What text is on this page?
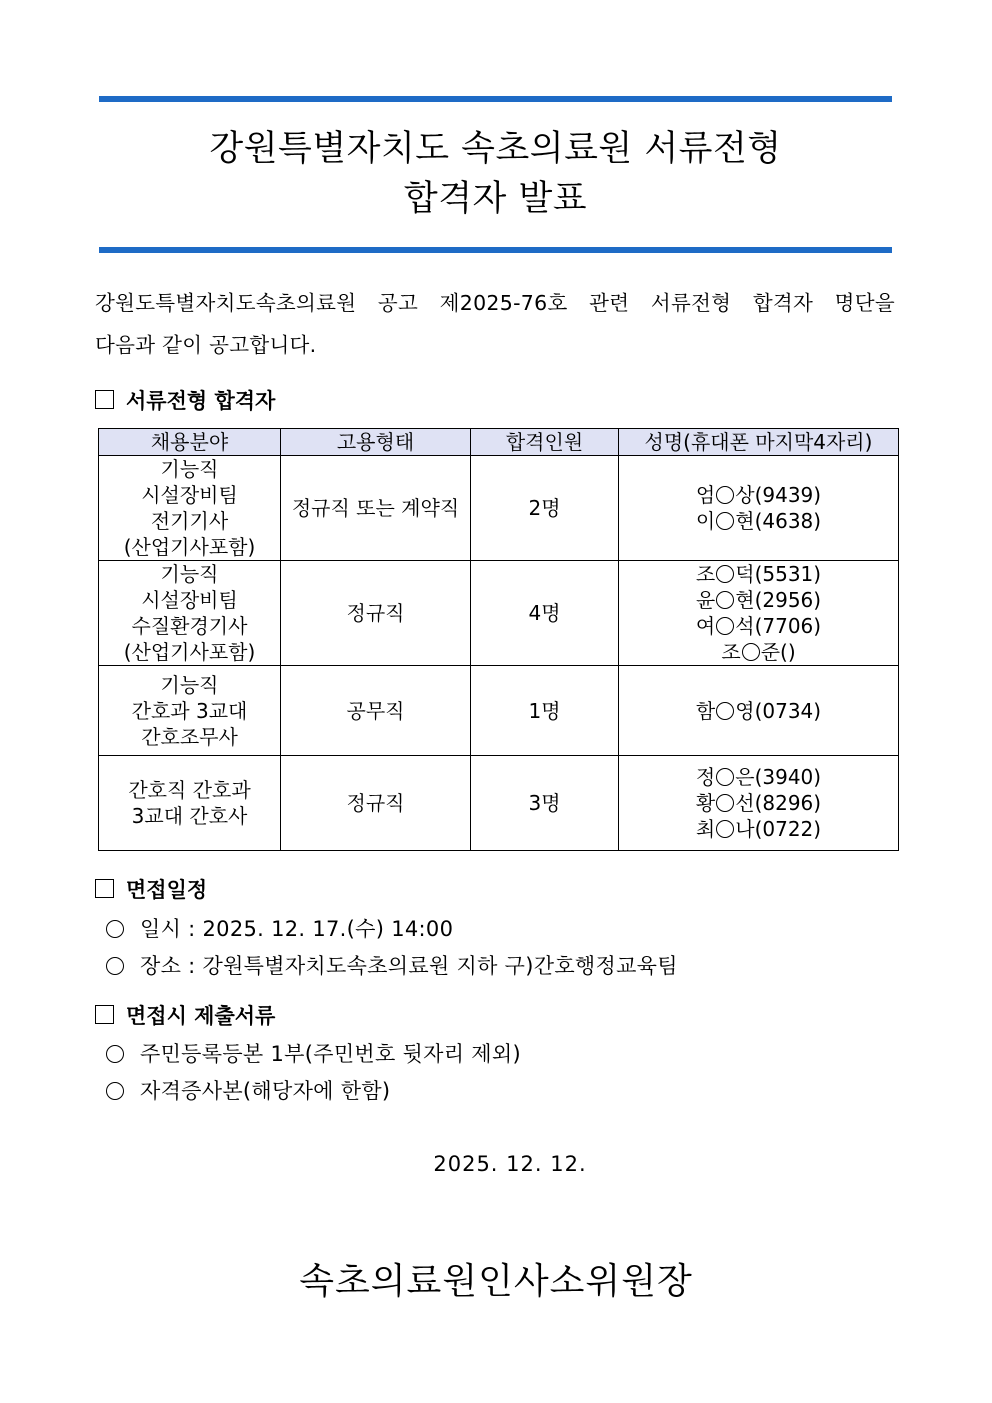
강원특별자치도 속초의료원 서류전형
합격자 발표
강원도특별자치도속초의료원 공고 제2025-76호 관련 서류전형 합격자 명단을
다음과 같이 공고합니다.
서류전형 합격자
채용분야	고용형태	합격인원	성명(휴대폰 마지막4자리)
기능직
시설장비팀
전기기사
(산업기사포함)	정규직 또는 계약직	2명	엄 상(9439)
이 현(4638)

기능직
시설장비팀
수질환경기사
(산업기사포함)	정규직	4명	조 덕(5531)
윤 현(2956)
여 석(7706)
조 준()

기능직
간호과 3교대
간호조무사	공무직	1명	함 영(0734)

간호직 간호과
3교대 간호사	정규직	3명	정 은(3940)
황 선(8296)
최 나(0722)
면접일정
일시 : 2025. 12. 17.(수) 14:00
장소 : 강원특별자치도속초의료원 지하 구)간호행정교육팀
면접시 제출서류
주민등록등본 1부(주민번호 뒷자리 제외)
자격증사본(해당자에 한함)
2025. 12. 12.
속초의료원인사소위원장
